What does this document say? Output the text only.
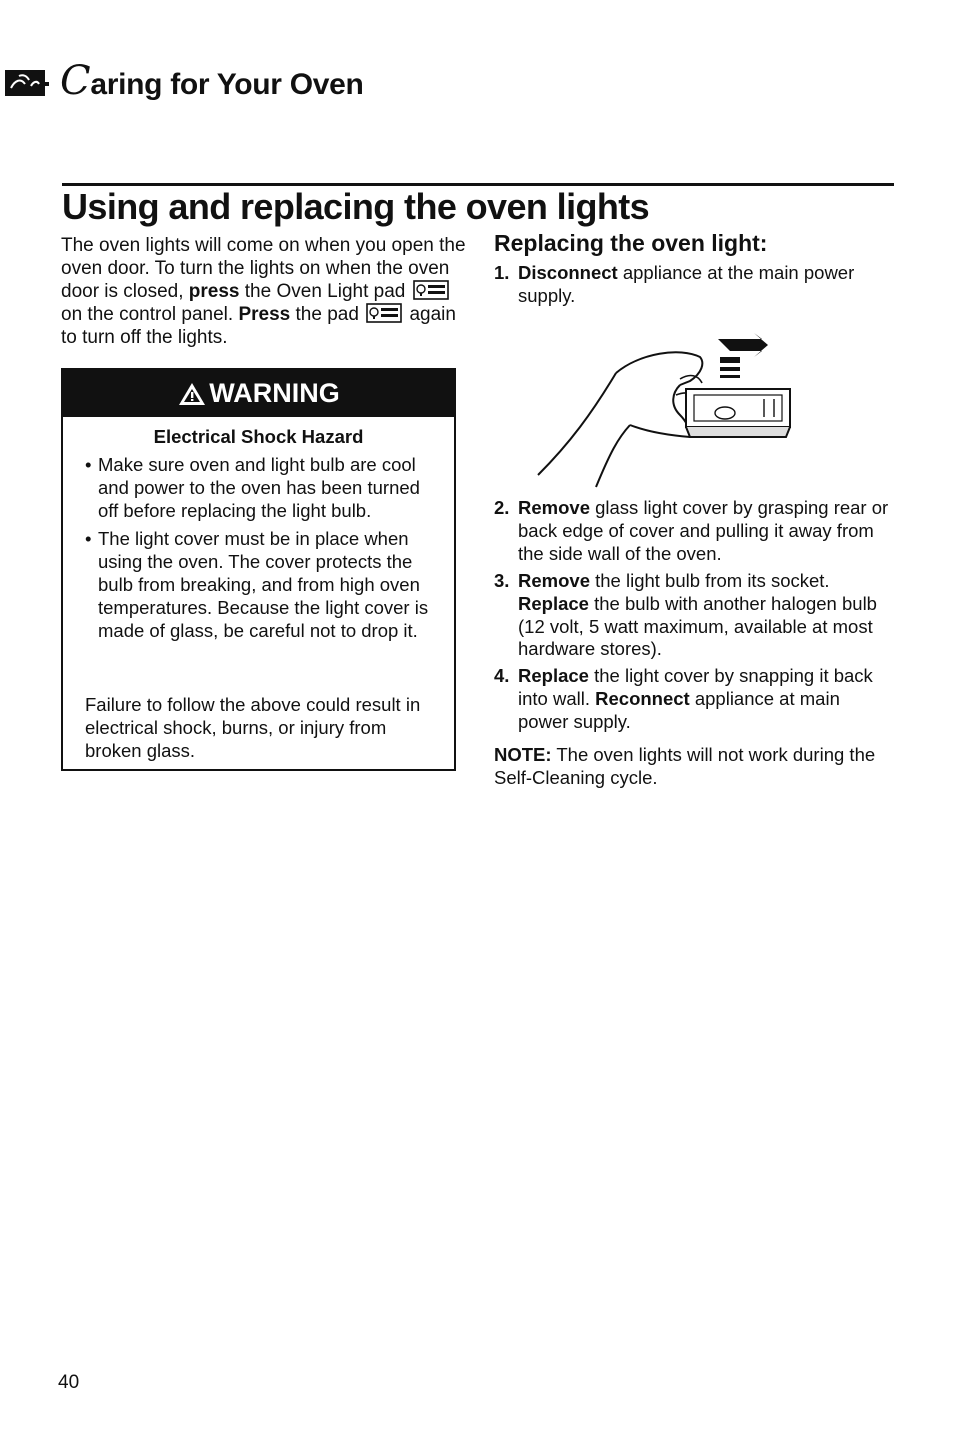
Caring for Your Oven
Using and replacing the oven lights
The oven lights will come on when you open the oven door. To turn the lights on when the oven door is closed, press the Oven Light pad  on the control panel. Press the pad  again to turn off the lights.
WARNING
Electrical Shock Hazard
• Make sure oven and light bulb are cool and power to the oven has been turned off before replacing the light bulb.
• The light cover must be in place when using the oven. The cover protects the bulb from breaking, and from high oven temperatures. Because the light cover is made of glass, be careful not to drop it.
Failure to follow the above could result in electrical shock, burns, or injury from broken glass.
Replacing the oven light:
1. Disconnect appliance at the main power supply.
2. Remove glass light cover by grasping rear or back edge of cover and pulling it away from the side wall of the oven.
3. Remove the light bulb from its socket. Replace the bulb with another halogen bulb (12 volt, 5 watt maximum, available at most hardware stores).
4. Replace the light cover by snapping it back into wall. Reconnect appliance at main power supply.
NOTE: The oven lights will not work during the Self-Cleaning cycle.
40
